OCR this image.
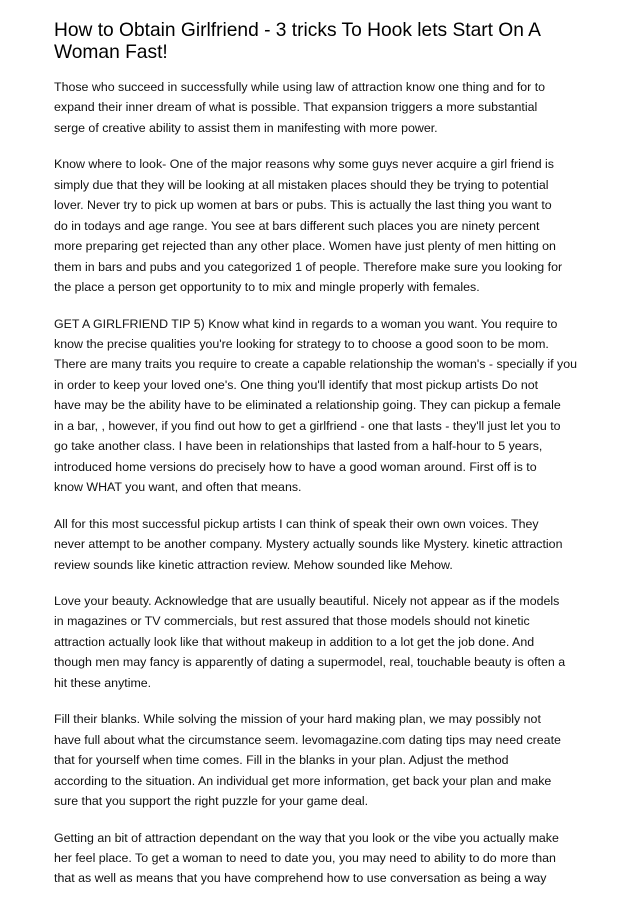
How to Obtain Girlfriend - 3 tricks To Hook lets Start On A Woman Fast!

Those who succeed in successfully while using law of attraction know one thing and for to
expand their inner dream of what is possible. That expansion triggers a more substantial
serge of creative ability to assist them in manifesting with more power.

Know where to look- One of the major reasons why some guys never acquire a girl friend is
simply due that they will be looking at all mistaken places should they be trying to potential
lover. Never try to pick up women at bars or pubs. This is actually the last thing you want to
do in todays and age range. You see at bars different such places you are ninety percent
more preparing get rejected than any other place. Women have just plenty of men hitting on
them in bars and pubs and you categorized 1 of people. Therefore make sure you looking for
the place a person get opportunity to to mix and mingle properly with females.

GET A GIRLFRIEND TIP 5) Know what kind in regards to a woman you want. You require to
know the precise qualities you're looking for strategy to to choose a good soon to be mom.
There are many traits you require to create a capable relationship the woman's - specially if you
in order to keep your loved one's. One thing you'll identify that most pickup artists Do not
have may be the ability have to be eliminated a relationship going. They can pickup a female
in a bar, , however, if you find out how to get a girlfriend - one that lasts - they'll just let you to
go take another class. I have been in relationships that lasted from a half-hour to 5 years,
introduced home versions do precisely how to have a good woman around. First off is to
know WHAT you want, and often that means.

All for this most successful pickup artists I can think of speak their own own voices. They
never attempt to be another company. Mystery actually sounds like Mystery. kinetic attraction
review sounds like kinetic attraction review. Mehow sounded like Mehow.

Love your beauty. Acknowledge that are usually beautiful. Nicely not appear as if the models
in magazines or TV commercials, but rest assured that those models should not kinetic
attraction actually look like that without makeup in addition to a lot get the job done. And
though men may fancy is apparently of dating a supermodel, real, touchable beauty is often a
hit these anytime.

Fill their blanks. While solving the mission of your hard making plan, we may possibly not
have full about what the circumstance seem. levomagazine.com dating tips may need create
that for yourself when time comes. Fill in the blanks in your plan. Adjust the method
according to the situation. An individual get more information, get back your plan and make
sure that you support the right puzzle for your game deal.

Getting an bit of attraction dependant on the way that you look or the vibe you actually make
her feel place. To get a woman to need to date you, you may need to ability to do more than
that as well as means that you have comprehend how to use conversation as being a way
